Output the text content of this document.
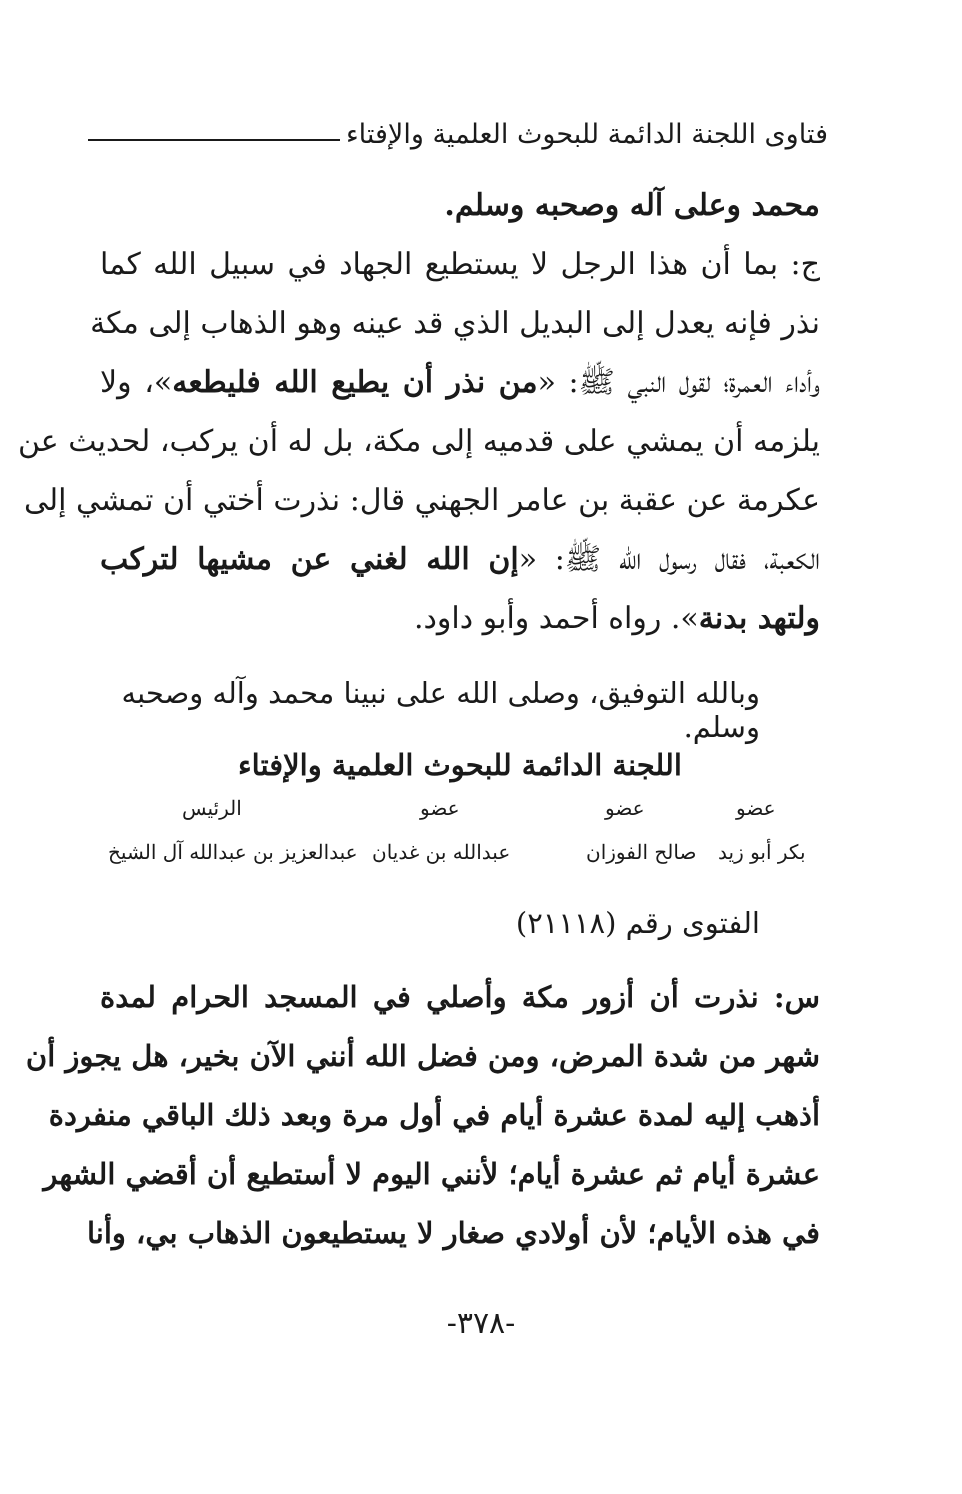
فتاوى اللجنة الدائمة للبحوث العلمية والإفتاء
محمد وعلى آله وصحبه وسلم.
ج: بما أن هذا الرجل لا يستطيع الجهاد في سبيل الله كما
نذر فإنه يعدل إلى البديل الذي قد عينه وهو الذهاب إلى مكة
وأداء العمرة؛ لقول النبي ﷺ: «من نذر أن يطيع الله فليطعه»، ولا
يلزمه أن يمشي على قدميه إلى مكة، بل له أن يركب، لحديث عن
عكرمة عن عقبة بن عامر الجهني قال: نذرت أختي أن تمشي إلى
الكعبة، فقال رسول الله ﷺ: «إن الله لغني عن مشيها لتركب
ولتهد بدنة». رواه أحمد وأبو داود.
وبالله التوفيق، وصلى الله على نبينا محمد وآله وصحبه وسلم.
اللجنة الدائمة للبحوث العلمية والإفتاء
عضو
عضو
عضو
الرئيس
بكر أبو زيد
صالح الفوزان
عبدالله بن غديان
عبدالعزيز بن عبدالله آل الشيخ
الفتوى رقم (٢١١١٨)
س: نذرت أن أزور مكة وأصلي في المسجد الحرام لمدة
شهر من شدة المرض، ومن فضل الله أنني الآن بخير، هل يجوز أن
أذهب إليه لمدة عشرة أيام في أول مرة وبعد ذلك الباقي منفردة
عشرة أيام ثم عشرة أيام؛ لأنني اليوم لا أستطيع أن أقضي الشهر
في هذه الأيام؛ لأن أولادي صغار لا يستطيعون الذهاب بي، وأنا
-٣٧٨-
